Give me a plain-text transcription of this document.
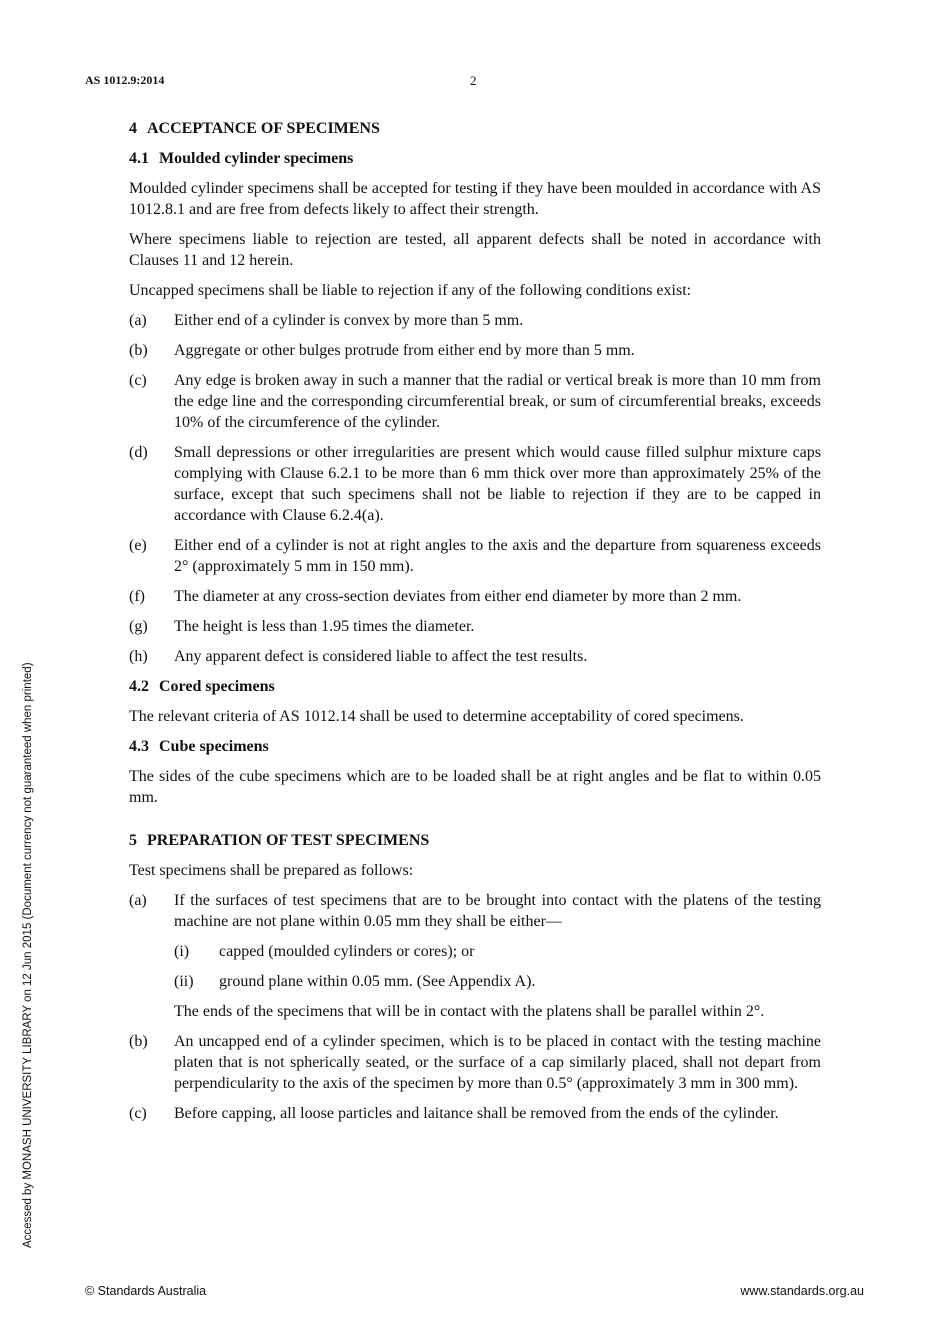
AS 1012.9:2014	2
Accessed by MONASH UNIVERSITY LIBRARY on 12 Jun 2015 (Document currency not guaranteed when printed)
4 ACCEPTANCE OF SPECIMENS
4.1 Moulded cylinder specimens

Moulded cylinder specimens shall be accepted for testing if they have been moulded in accordance with AS 1012.8.1 and are free from defects likely to affect their strength.

Where specimens liable to rejection are tested, all apparent defects shall be noted in accordance with Clauses 11 and 12 herein.

Uncapped specimens shall be liable to rejection if any of the following conditions exist:

(a) Either end of a cylinder is convex by more than 5 mm.
(b) Aggregate or other bulges protrude from either end by more than 5 mm.
(c) Any edge is broken away in such a manner that the radial or vertical break is more than 10 mm from the edge line and the corresponding circumferential break, or sum of circumferential breaks, exceeds 10% of the circumference of the cylinder.
(d) Small depressions or other irregularities are present which would cause filled sulphur mixture caps complying with Clause 6.2.1 to be more than 6 mm thick over more than approximately 25% of the surface, except that such specimens shall not be liable to rejection if they are to be capped in accordance with Clause 6.2.4(a).
(e) Either end of a cylinder is not at right angles to the axis and the departure from squareness exceeds 2° (approximately 5 mm in 150 mm).
(f) The diameter at any cross-section deviates from either end diameter by more than 2 mm.
(g) The height is less than 1.95 times the diameter.
(h) Any apparent defect is considered liable to affect the test results.
4.2 Cored specimens

The relevant criteria of AS 1012.14 shall be used to determine acceptability of cored specimens.

4.3 Cube specimens

The sides of the cube specimens which are to be loaded shall be at right angles and be flat to within 0.05 mm.

5 PREPARATION OF TEST SPECIMENS

Test specimens shall be prepared as follows:

(a) If the surfaces of test specimens that are to be brought into contact with the platens of the testing machine are not plane within 0.05 mm they shall be either—
(i) capped (moulded cylinders or cores); or
(ii) ground plane within 0.05 mm. (See Appendix A).
The ends of the specimens that will be in contact with the platens shall be parallel within 2°.
(b) An uncapped end of a cylinder specimen, which is to be placed in contact with the testing machine platen that is not spherically seated, or the surface of a cap similarly placed, shall not depart from perpendicularity to the axis of the specimen by more than 0.5° (approximately 3 mm in 300 mm).
(c) Before capping, all loose particles and laitance shall be removed from the ends of the cylinder.
© Standards Australia	www.standards.org.au
